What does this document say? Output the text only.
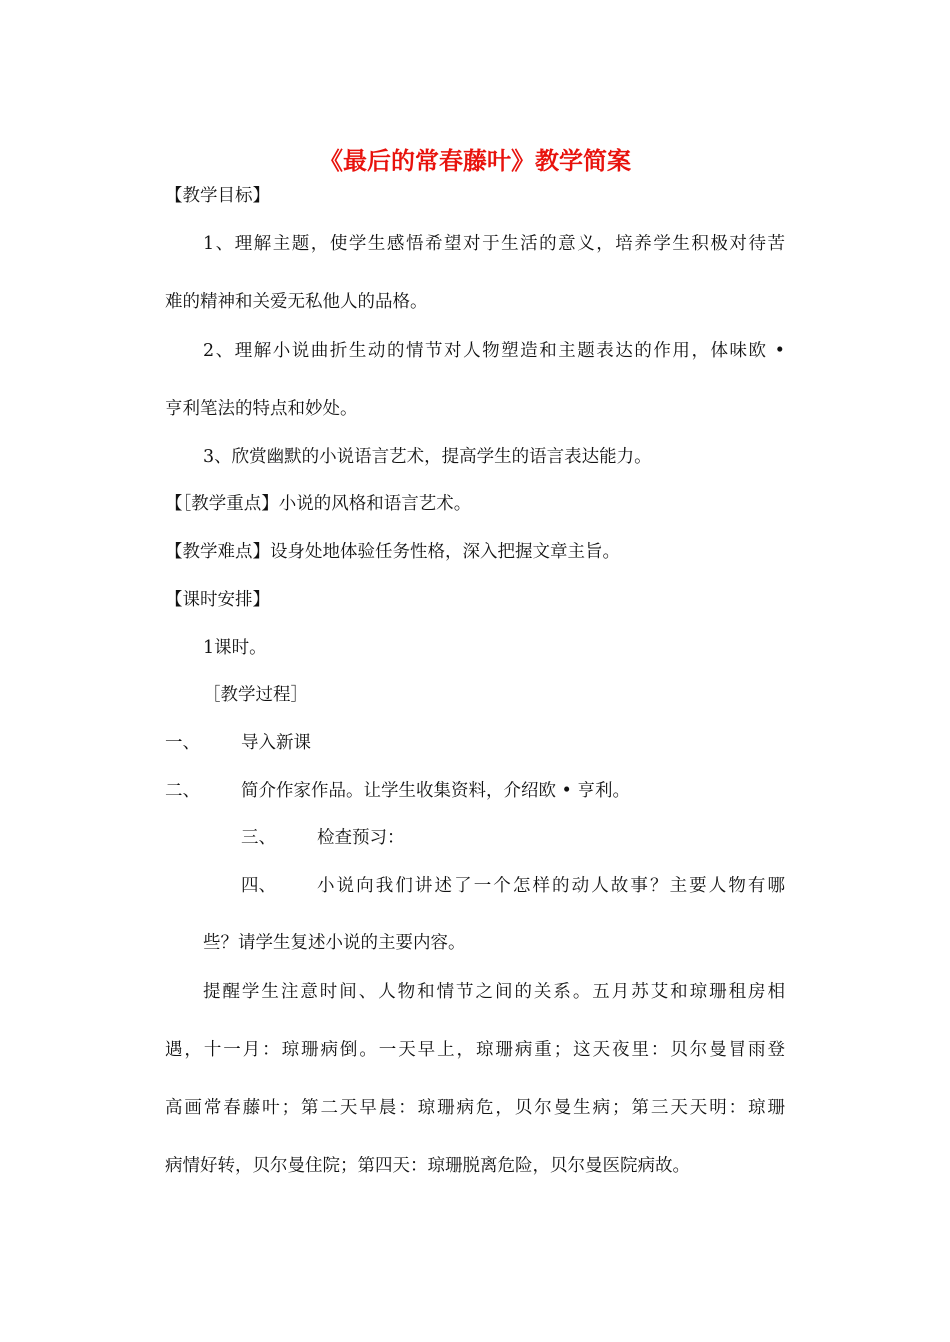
《最后的常春藤叶》教学简案
【教学目标】
1、理解主题，使学生感悟希望对于生活的意义，培养学生积极对待苦
难的精神和关爱无私他人的品格。
2、理解小说曲折生动的情节对人物塑造和主题表达的作用，体味欧 •
亨利笔法的特点和妙处。
3、欣赏幽默的小说语言艺术，提高学生的语言表达能力。
【［教学重点】小说的风格和语言艺术。
【教学难点】设身处地体验任务性格，深入把握文章主旨。
【课时安排】
1课时。
［教学过程］
一、 导入新课
二、 简介作家作品。让学生收集资料，介绍欧 • 亨利。
三、 检查预习：
四、 小说向我们讲述了一个怎样的动人故事？主要人物有哪
些？请学生复述小说的主要内容。
提醒学生注意时间、人物和情节之间的关系。五月苏艾和琼珊租房相
遇，十一月：琼珊病倒。一天早上，琼珊病重；这天夜里：贝尔曼冒雨登
高画常春藤叶；第二天早晨：琼珊病危，贝尔曼生病；第三天天明：琼珊
病情好转，贝尔曼住院；第四天：琼珊脱离危险，贝尔曼医院病故。
